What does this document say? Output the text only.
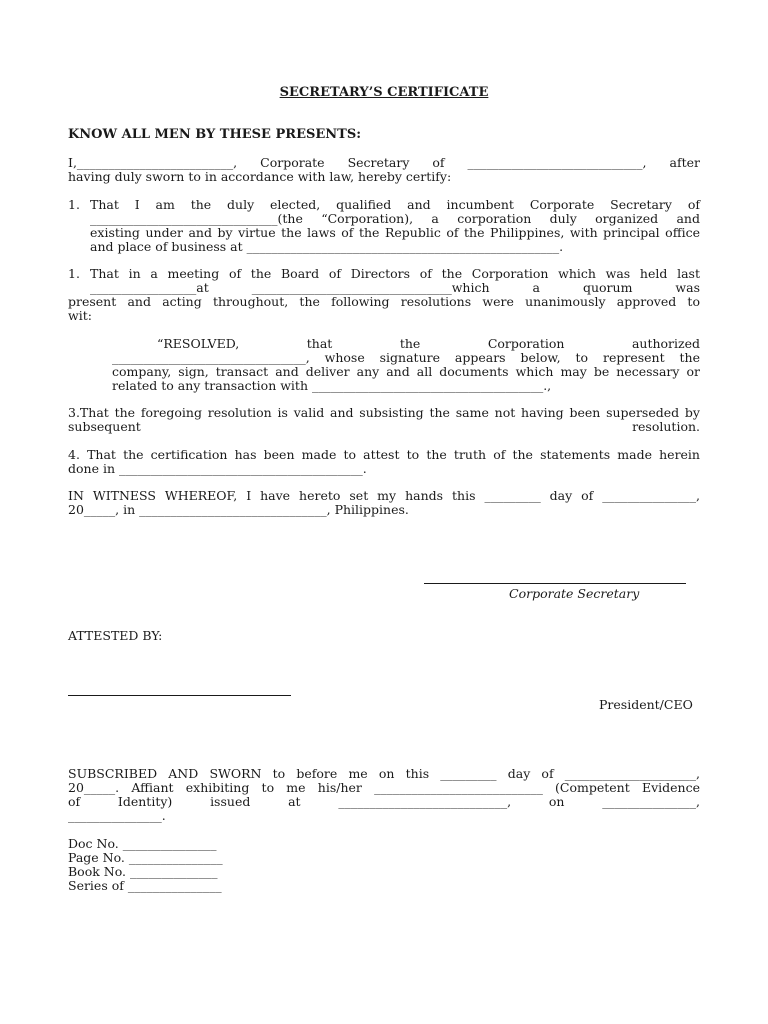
SECRETARY’S CERTIFICATE
KNOW ALL MEN BY THESE PRESENTS:
I,_________________________, Corporate Secretary of ____________________________, after
having duly sworn to in accordance with law, hereby certify:
1. That I am the duly elected, qualified and incumbent Corporate Secretary of
______________________________(the “Corporation), a corporation duly organized and
existing under and by virtue the laws of the Republic of the Philippines, with principal office
and place of business at __________________________________________________.
1. That in a meeting of the Board of Directors of the Corporation which was held last
_________________at ________________________________which a quorum was
present and acting throughout, the following resolutions were unanimously approved to
wit:
“RESOLVED,	that	the	Corporation	authorized
_______________________________, whose signature appears below, to represent the
company, sign, transact and deliver any and all documents which may be necessary or
related to any transaction with _____________________________________.,
3.That the foregoing resolution is valid and subsisting the same not having been superseded by
subsequent	resolution.
4. That the certification has been made to attest to the truth of the statements made herein
done in _______________________________________.
IN WITNESS WHEREOF, I have hereto set my hands this _________ day of _______________,
20_____, in ______________________________, Philippines.
Corporate Secretary
ATTESTED BY:
President/CEO
SUBSCRIBED AND SWORN to before me on this _________ day of _____________________,
20_____. Affiant exhibiting to me his/her ___________________________ (Competent Evidence
of	Identity)	issued	at	___________________________,	on	_______________,
_______________.
Doc No. _______________
Page No. _______________
Book No. ______________
Series of _______________
